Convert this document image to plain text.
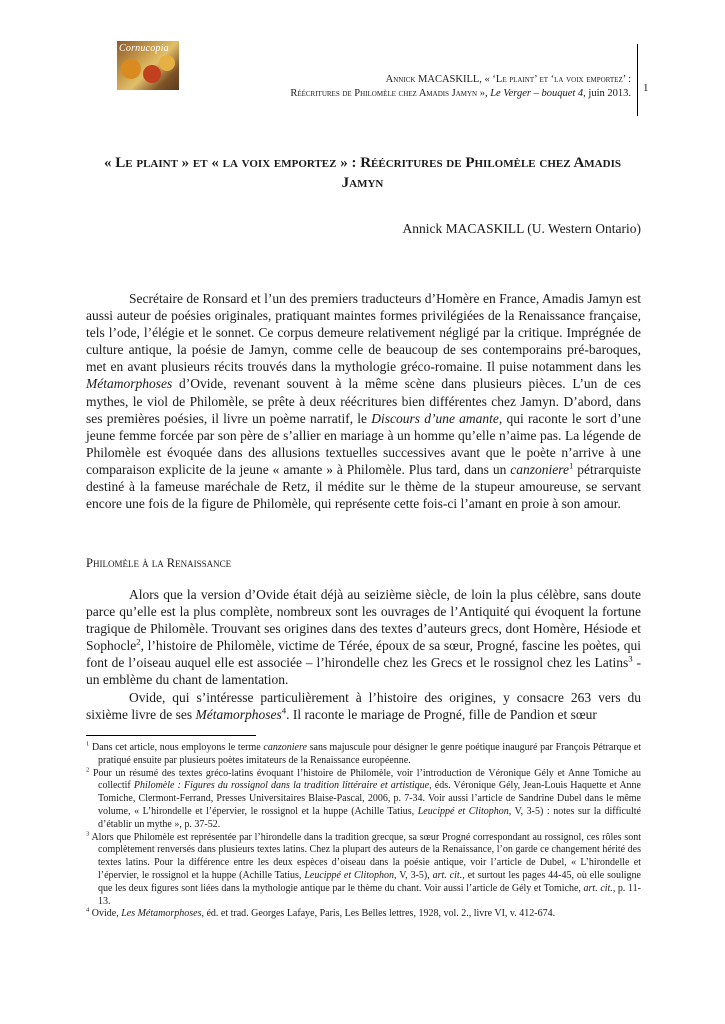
Cornucopia
Annick MACASKILL, « ‘Le plaint’ et ‘la voix emportez’ :
Réécritures de Philomèle chez Amadis Jamyn », Le Verger – bouquet 4, juin 2013. 1
« Le plaint » et « la voix emportez » : Réécritures de Philomèle chez Amadis Jamyn
Annick MACASKILL (U. Western Ontario)

Secrétaire de Ronsard et l’un des premiers traducteurs d’Homère en France, Amadis Jamyn est aussi auteur de poésies originales, pratiquant maintes formes privilégiées de la Renaissance française, tels l’ode, l’élégie et le sonnet. Ce corpus demeure relativement négligé par la critique. Imprégnée de culture antique, la poésie de Jamyn, comme celle de beaucoup de ses contemporains pré-baroques, met en avant plusieurs récits trouvés dans la mythologie gréco-romaine. Il puise notamment dans les Métamorphoses d’Ovide, revenant souvent à la même scène dans plusieurs pièces. L’un de ces mythes, le viol de Philomèle, se prête à deux réécritures bien différentes chez Jamyn. D’abord, dans ses premières poésies, il livre un poème narratif, le Discours d’une amante, qui raconte le sort d’une jeune femme forcée par son père de s’allier en mariage à un homme qu’elle n’aime pas. La légende de Philomèle est évoquée dans des allusions textuelles successives avant que le poète n’arrive à une comparaison explicite de la jeune « amante » à Philomèle. Plus tard, dans un canzoniere$^1$ pétrarquiste destiné à la fameuse maréchale de Retz, il médite sur le thème de la stupeur amoureuse, se servant encore une fois de la figure de Philomèle, qui représente cette fois-ci l’amant en proie à son amour.

Philomèle à la Renaissance

Alors que la version d’Ovide était déjà au seizième siècle, de loin la plus célèbre, sans doute parce qu’elle est la plus complète, nombreux sont les ouvrages de l’Antiquité qui évoquent la fortune tragique de Philomèle. Trouvant ses origines dans des textes d’auteurs grecs, dont Homère, Hésiode et Sophocle$^2$, l’histoire de Philomèle, victime de Térée, époux de sa sœur, Progné, fascine les poètes, qui font de l’oiseau auquel elle est associée – l’hirondelle chez les Grecs et le rossignol chez les Latins$^3$ - un emblème du chant de lamentation.

Ovide, qui s’intéresse particulièrement à l’histoire des origines, y consacre 263 vers du sixième livre de ses Métamorphoses$^4$. Il raconte le mariage de Progné, fille de Pandion et sœur

$^1$ Dans cet article, nous employons le terme canzoniere sans majuscule pour désigner le genre poétique inauguré par François Pétrarque et pratiqué ensuite par plusieurs poètes imitateurs de la Renaissance européenne.
$^2$ Pour un résumé des textes gréco-latins évoquant l’histoire de Philomèle, voir l’introduction de Véronique Gély et Anne Tomiche au collectif Philomèle : Figures du rossignol dans la tradition littéraire et artistique, éds. Véronique Gély, Jean-Louis Haquette et Anne Tomiche, Clermont-Ferrand, Presses Universitaires Blaise-Pascal, 2006, p. 7-34. Voir aussi l’article de Sandrine Dubel dans le même volume, « L’hirondelle et l’épervier, le rossignol et la huppe (Achille Tatius, Leucippé et Clitophon, V, 3-5) : notes sur la difficulté d’établir un mythe », p. 37-52.
$^3$ Alors que Philomèle est représentée par l’hirondelle dans la tradition grecque, sa sœur Progné correspondant au rossignol, ces rôles sont complètement renversés dans plusieurs textes latins. Chez la plupart des auteurs de la Renaissance, l’on garde ce changement hérité des textes latins. Pour la différence entre les deux espèces d’oiseau dans la poésie antique, voir l’article de Dubel, « L’hirondelle et l’épervier, le rossignol et la huppe (Achille Tatius, Leucippé et Clitophon, V, 3-5), art. cit., et surtout les pages 44-45, où elle souligne que les deux figures sont liées dans la mythologie antique par le thème du chant. Voir aussi l’article de Gély et Tomiche, art. cit., p. 11-13.
$^4$ Ovide, Les Métamorphoses, éd. et trad. Georges Lafaye, Paris, Les Belles lettres, 1928, vol. 2., livre VI, v. 412-674.
